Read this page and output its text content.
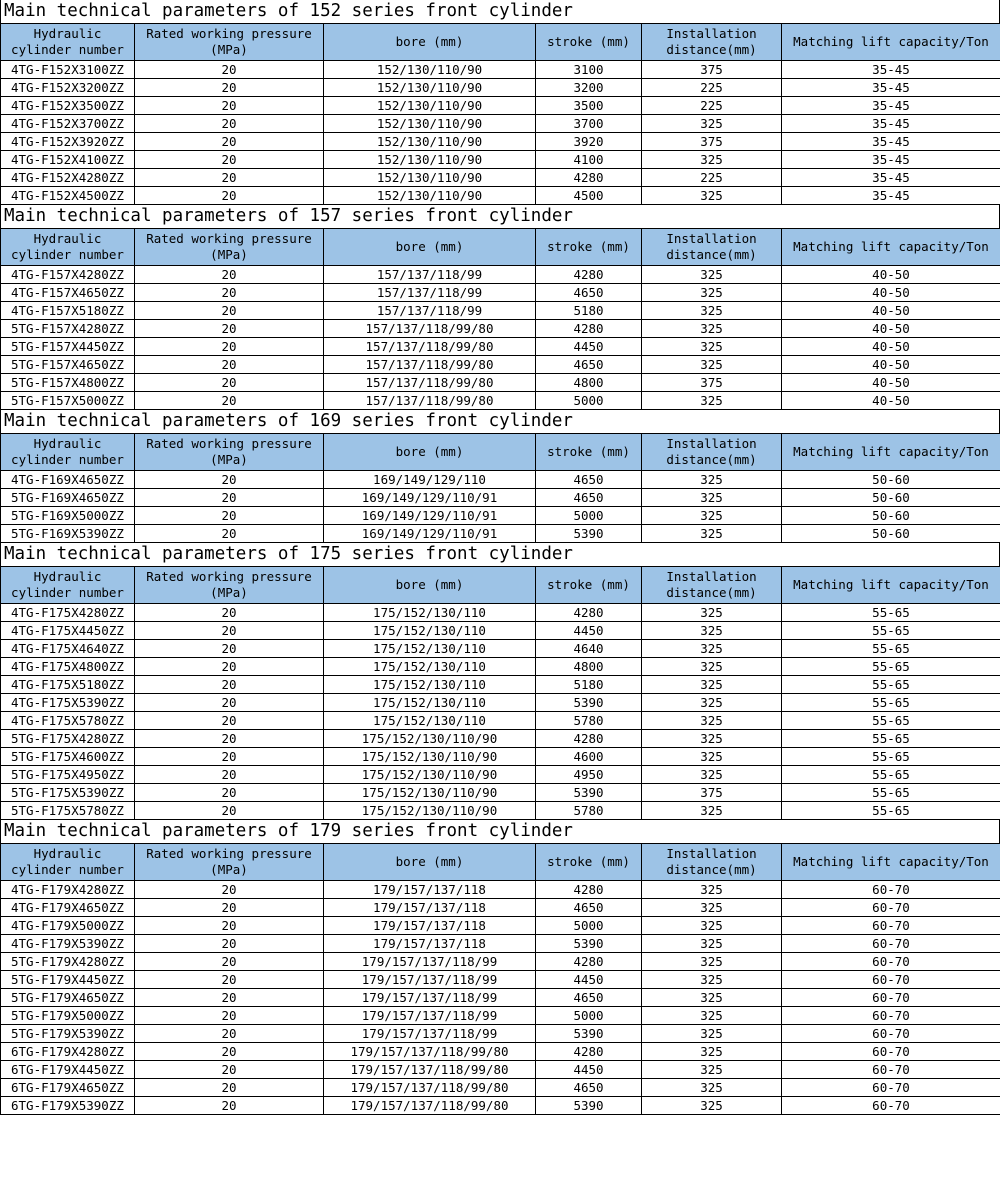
Main technical parameters of 152 series front cylinder
Hydraulic cylinder number	Rated working pressure (MPa)	bore (mm)	stroke (mm)	Installation distance(mm)	Matching lift capacity/Ton
4TG-F152X3100ZZ	20	152/130/110/90	3100	375	35-45
4TG-F152X3200ZZ	20	152/130/110/90	3200	225	35-45
4TG-F152X3500ZZ	20	152/130/110/90	3500	225	35-45
4TG-F152X3700ZZ	20	152/130/110/90	3700	325	35-45
4TG-F152X3920ZZ	20	152/130/110/90	3920	375	35-45
4TG-F152X4100ZZ	20	152/130/110/90	4100	325	35-45
4TG-F152X4280ZZ	20	152/130/110/90	4280	225	35-45
4TG-F152X4500ZZ	20	152/130/110/90	4500	325	35-45
Main technical parameters of 157 series front cylinder
Hydraulic cylinder number	Rated working pressure (MPa)	bore (mm)	stroke (mm)	Installation distance(mm)	Matching lift capacity/Ton
4TG-F157X4280ZZ	20	157/137/118/99	4280	325	40-50
4TG-F157X4650ZZ	20	157/137/118/99	4650	325	40-50
4TG-F157X5180ZZ	20	157/137/118/99	5180	325	40-50
5TG-F157X4280ZZ	20	157/137/118/99/80	4280	325	40-50
5TG-F157X4450ZZ	20	157/137/118/99/80	4450	325	40-50
5TG-F157X4650ZZ	20	157/137/118/99/80	4650	325	40-50
5TG-F157X4800ZZ	20	157/137/118/99/80	4800	375	40-50
5TG-F157X5000ZZ	20	157/137/118/99/80	5000	325	40-50
Main technical parameters of 169 series front cylinder
Hydraulic cylinder number	Rated working pressure (MPa)	bore (mm)	stroke (mm)	Installation distance(mm)	Matching lift capacity/Ton
4TG-F169X4650ZZ	20	169/149/129/110	4650	325	50-60
5TG-F169X4650ZZ	20	169/149/129/110/91	4650	325	50-60
5TG-F169X5000ZZ	20	169/149/129/110/91	5000	325	50-60
5TG-F169X5390ZZ	20	169/149/129/110/91	5390	325	50-60
Main technical parameters of 175 series front cylinder
Hydraulic cylinder number	Rated working pressure (MPa)	bore (mm)	stroke (mm)	Installation distance(mm)	Matching lift capacity/Ton
4TG-F175X4280ZZ	20	175/152/130/110	4280	325	55-65
4TG-F175X4450ZZ	20	175/152/130/110	4450	325	55-65
4TG-F175X4640ZZ	20	175/152/130/110	4640	325	55-65
4TG-F175X4800ZZ	20	175/152/130/110	4800	325	55-65
4TG-F175X5180ZZ	20	175/152/130/110	5180	325	55-65
4TG-F175X5390ZZ	20	175/152/130/110	5390	325	55-65
4TG-F175X5780ZZ	20	175/152/130/110	5780	325	55-65
5TG-F175X4280ZZ	20	175/152/130/110/90	4280	325	55-65
5TG-F175X4600ZZ	20	175/152/130/110/90	4600	325	55-65
5TG-F175X4950ZZ	20	175/152/130/110/90	4950	325	55-65
5TG-F175X5390ZZ	20	175/152/130/110/90	5390	375	55-65
5TG-F175X5780ZZ	20	175/152/130/110/90	5780	325	55-65
Main technical parameters of 179 series front cylinder
Hydraulic cylinder number	Rated working pressure (MPa)	bore (mm)	stroke (mm)	Installation distance(mm)	Matching lift capacity/Ton
4TG-F179X4280ZZ	20	179/157/137/118	4280	325	60-70
4TG-F179X4650ZZ	20	179/157/137/118	4650	325	60-70
4TG-F179X5000ZZ	20	179/157/137/118	5000	325	60-70
4TG-F179X5390ZZ	20	179/157/137/118	5390	325	60-70
5TG-F179X4280ZZ	20	179/157/137/118/99	4280	325	60-70
5TG-F179X4450ZZ	20	179/157/137/118/99	4450	325	60-70
5TG-F179X4650ZZ	20	179/157/137/118/99	4650	325	60-70
5TG-F179X5000ZZ	20	179/157/137/118/99	5000	325	60-70
5TG-F179X5390ZZ	20	179/157/137/118/99	5390	325	60-70
6TG-F179X4280ZZ	20	179/157/137/118/99/80	4280	325	60-70
6TG-F179X4450ZZ	20	179/157/137/118/99/80	4450	325	60-70
6TG-F179X4650ZZ	20	179/157/137/118/99/80	4650	325	60-70
6TG-F179X5390ZZ	20	179/157/137/118/99/80	5390	325	60-70
